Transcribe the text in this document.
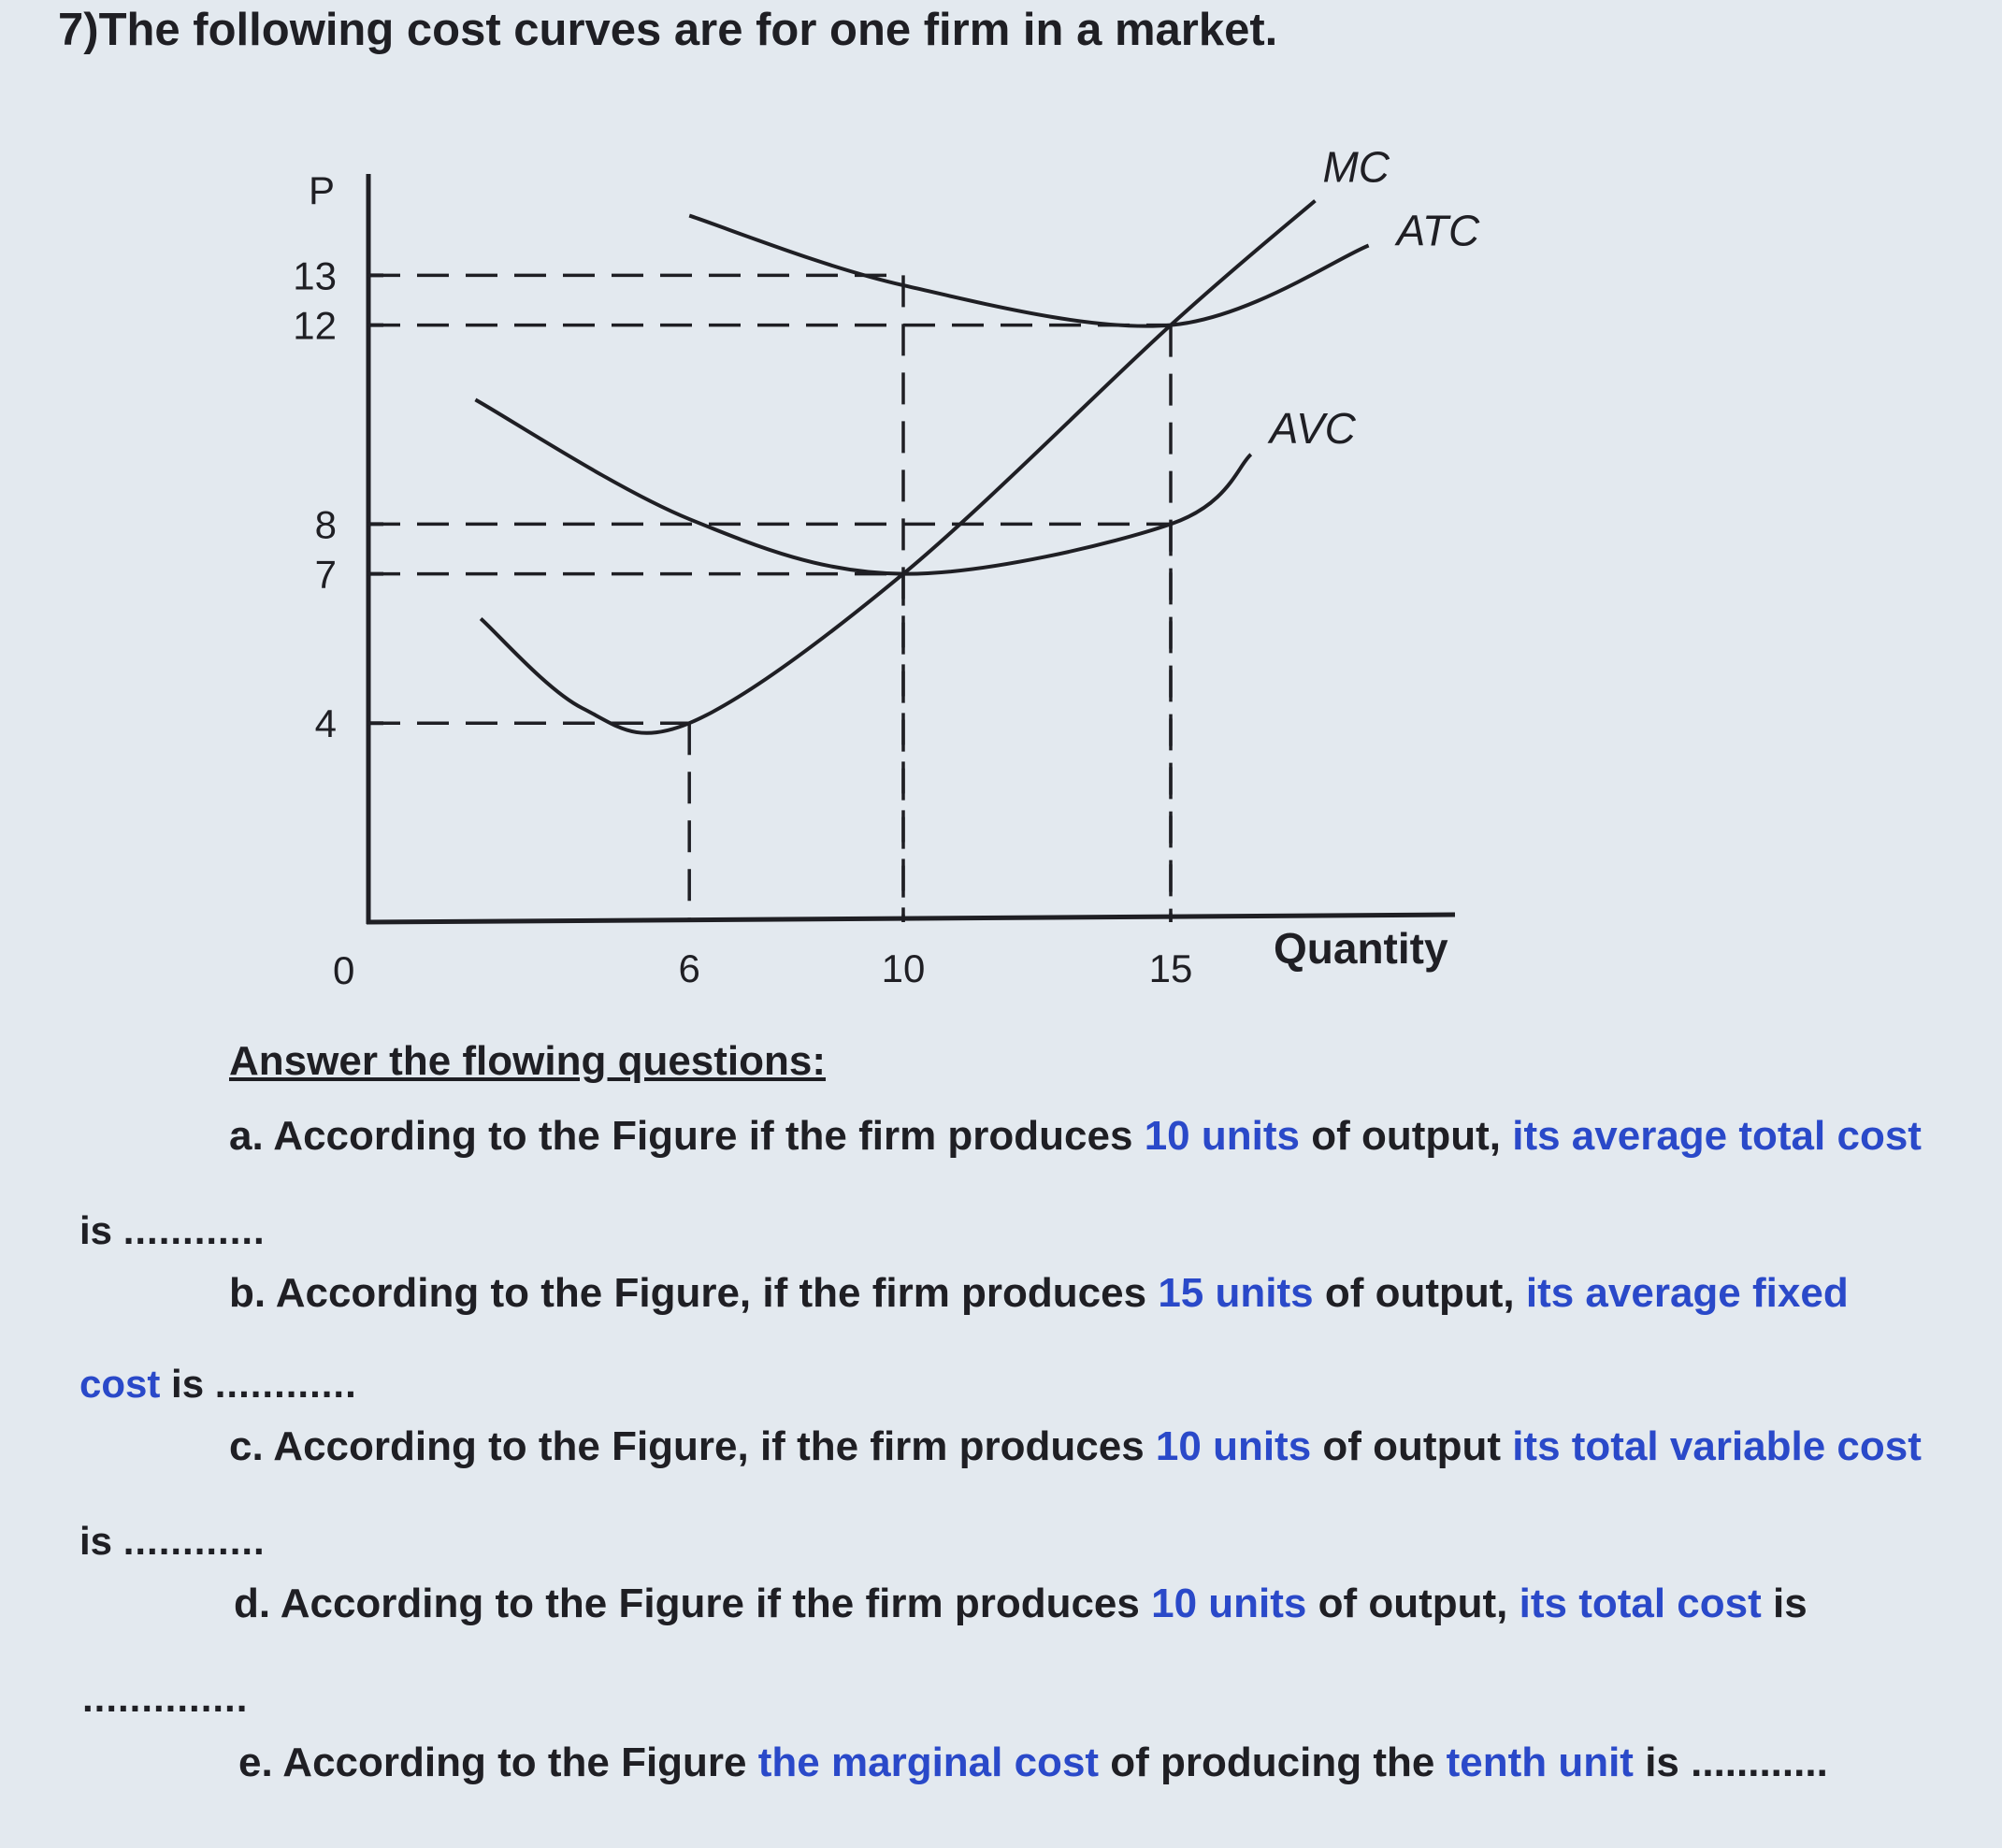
7)The following cost curves are for one firm in a market.
MC
ATC
AVC
4
7
8
12
13
6	10	15
P
Quantity
0

Answer the flowing questions:

a. According to the Figure if the firm produces 10 units of output, its average total cost

is ............

b. According to the Figure, if the firm produces 15 units of output, its average fixed

cost is ............

c. According to the Figure, if the firm produces 10 units of output its total variable cost

is ............

d. According to the Figure if the firm produces 10 units of output, its total cost is

..............

e. According to the Figure the marginal cost of producing the tenth unit is ............
